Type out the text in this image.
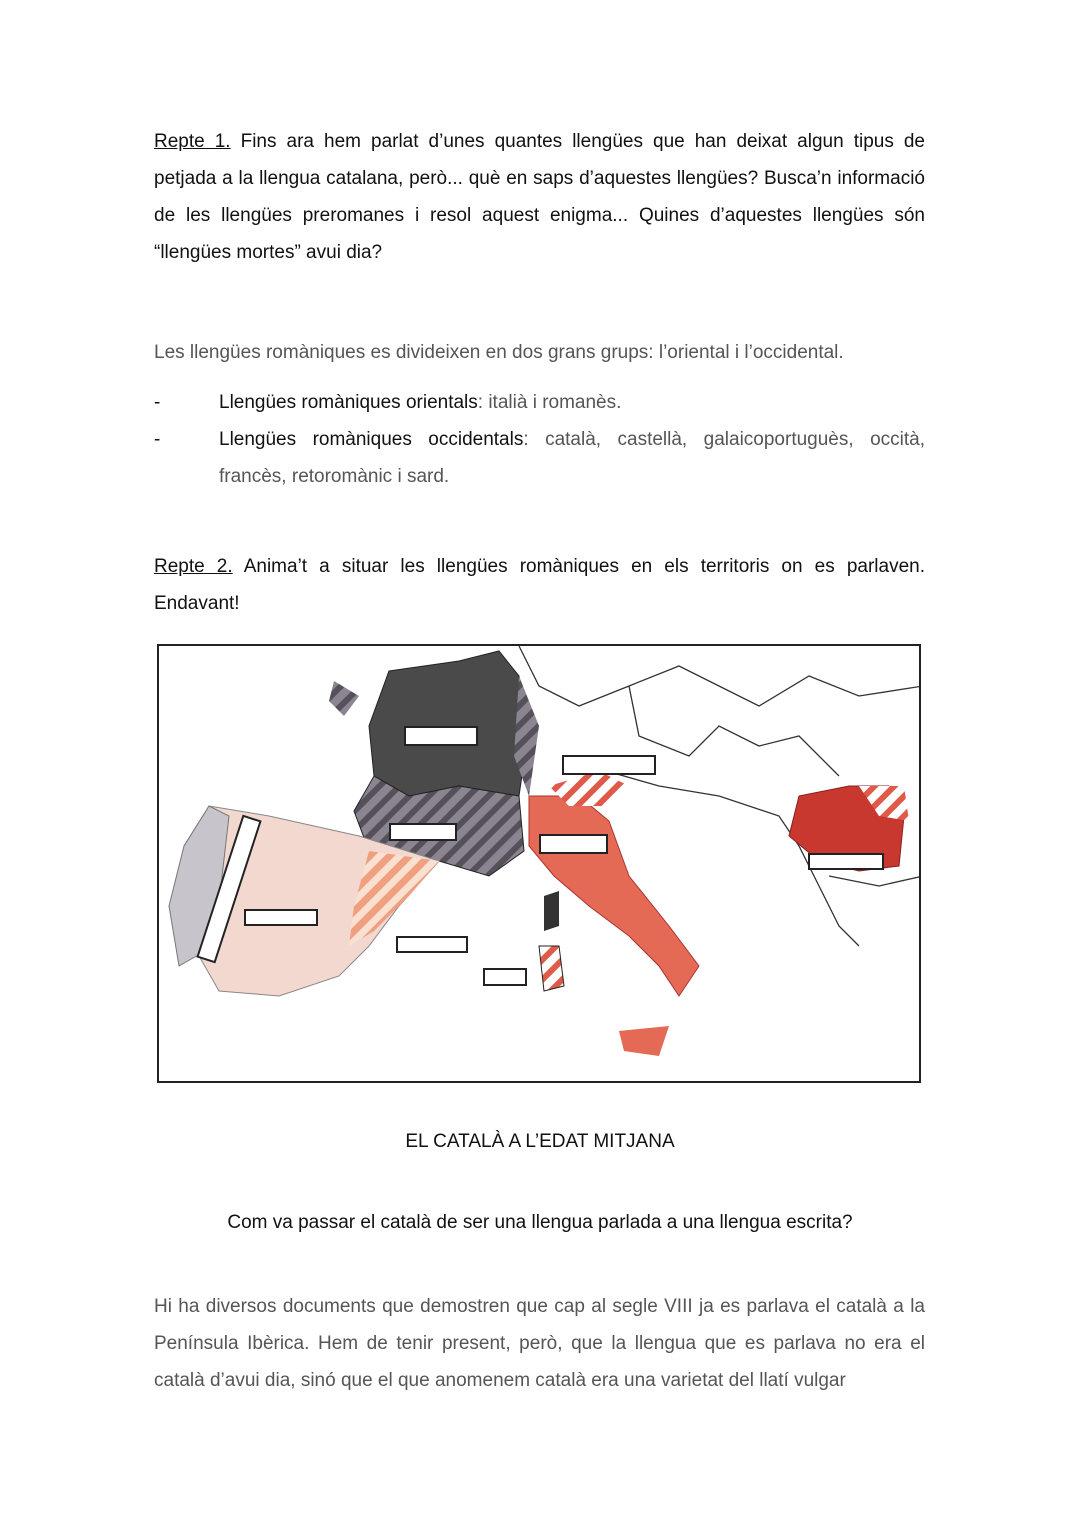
Repte 1. Fins ara hem parlat d’unes quantes llengües que han deixat algun tipus de petjada a la llengua catalana, però... què en saps d’aquestes llengües? Busca’n informació de les llengües preromanes i resol aquest enigma... Quines d’aquestes llengües són “llengües mortes” avui dia?
Les llengües romàniques es divideixen en dos grans grups: l’oriental i l’occidental.
-	Llengües romàniques orientals: italià i romanès.
-	Llengües romàniques occidentals: català, castellà, galaicoportuguès, occità, francès, retoromànic i sard.
Repte 2. Anima’t a situar les llengües romàniques en els territoris on es parlaven. Endavant!
EL CATALÀ A L’EDAT MITJANA
Com va passar el català de ser una llengua parlada a una llengua escrita?
Hi ha diversos documents que demostren que cap al segle VIII ja es parlava el català a la Península Ibèrica. Hem de tenir present, però, que la llengua que es parlava no era el català d’avui dia, sinó que el que anomenem català era una varietat del llatí vulgar
